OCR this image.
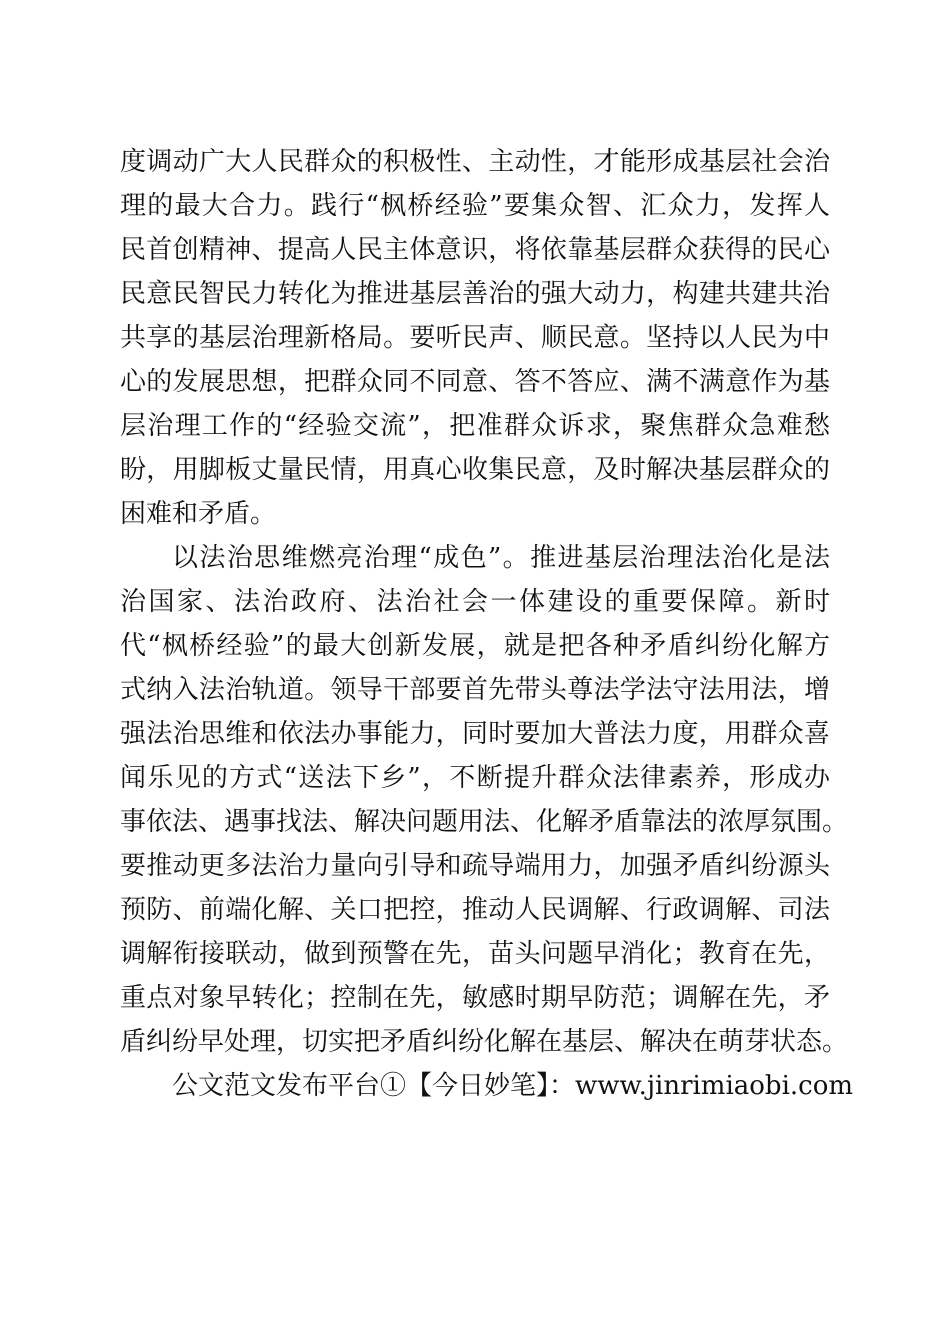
度调动广大人民群众的积极性、主动性，才能形成基层社会治
理的最大合力。践行“枫桥经验”要集众智、汇众力，发挥人
民首创精神、提高人民主体意识，将依靠基层群众获得的民心
民意民智民力转化为推进基层善治的强大动力，构建共建共治
共享的基层治理新格局。要听民声、顺民意。坚持以人民为中
心的发展思想，把群众同不同意、答不答应、满不满意作为基
层治理工作的“经验交流”，把准群众诉求，聚焦群众急难愁
盼，用脚板丈量民情，用真心收集民意，及时解决基层群众的
困难和矛盾。
以法治思维燃亮治理“成色”。推进基层治理法治化是法
治国家、法治政府、法治社会一体建设的重要保障。新时
代“枫桥经验”的最大创新发展，就是把各种矛盾纠纷化解方
式纳入法治轨道。领导干部要首先带头尊法学法守法用法，增
强法治思维和依法办事能力，同时要加大普法力度，用群众喜
闻乐见的方式“送法下乡”，不断提升群众法律素养，形成办
事依法、遇事找法、解决问题用法、化解矛盾靠法的浓厚氛围。
要推动更多法治力量向引导和疏导端用力，加强矛盾纠纷源头
预防、前端化解、关口把控，推动人民调解、行政调解、司法
调解衔接联动，做到预警在先，苗头问题早消化；教育在先，
重点对象早转化；控制在先，敏感时期早防范；调解在先，矛
盾纠纷早处理，切实把矛盾纠纷化解在基层、解决在萌芽状态。
公文范文发布平台①【今日妙笔】：www.jinrimiaobi.com
